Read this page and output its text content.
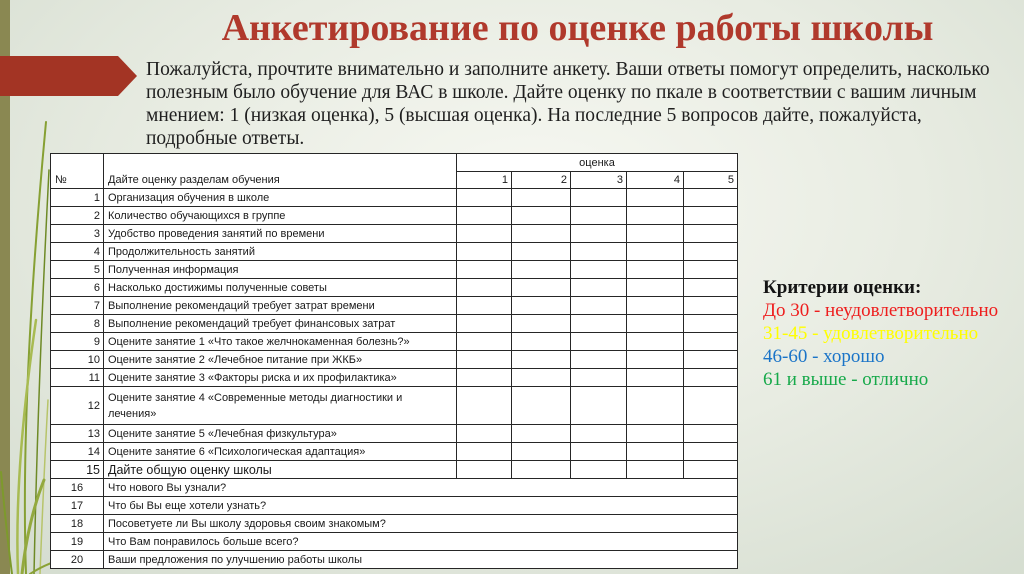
Анкетирование по оценке работы школы
Пожалуйста, прочтите внимательно и заполните анкету. Ваши ответы помогут определить, насколько
полезным было обучение для ВАС в школе. Дайте оценку по пкале в соответствии с вашим личным
мнением: 1 (низкая оценка), 5 (высшая оценка). На последние 5 вопросов дайте, пожалуйста,
подробные ответы.
№	Дайте оценку разделам обучения
оценка
1	2	3	4	5
1 Организация обучения в школе
2 Количество обучающихся в группе
3 Удобство проведения занятий по времени
4 Продолжительность занятий
5 Полученная информация
6 Насколько достижимы полученные советы
7 Выполнение рекомендаций требует затрат времени
8 Выполнение рекомендаций требует финансовых затрат
9 Оцените занятие 1 «Что такое желчнокаменная болезнь?»
10 Оцените занятие 2 «Лечебное питание при ЖКБ»
11 Оцените занятие 3 «Факторы риска и их профилактика»
12
Оцените занятие 4 «Современные методы диагностики и лечения»
13 Оцените занятие 5 «Лечебная физкультура»
14 Оцените занятие 6 «Психологическая адаптация»
15 Дайте общую оценку школы
16	Что нового Вы узнали?
17	Что бы Вы еще хотели узнать?
18	Посоветуете ли Вы школу здоровья своим знакомым?
19	Что Вам понравилось больше всего?
20	Ваши предложения по улучшению работы школы
Критерии оценки:
До 30 - неудовлетворительно
31-45 - удовлетворительно
46-60 - хорошо
61 и выше - отлично
